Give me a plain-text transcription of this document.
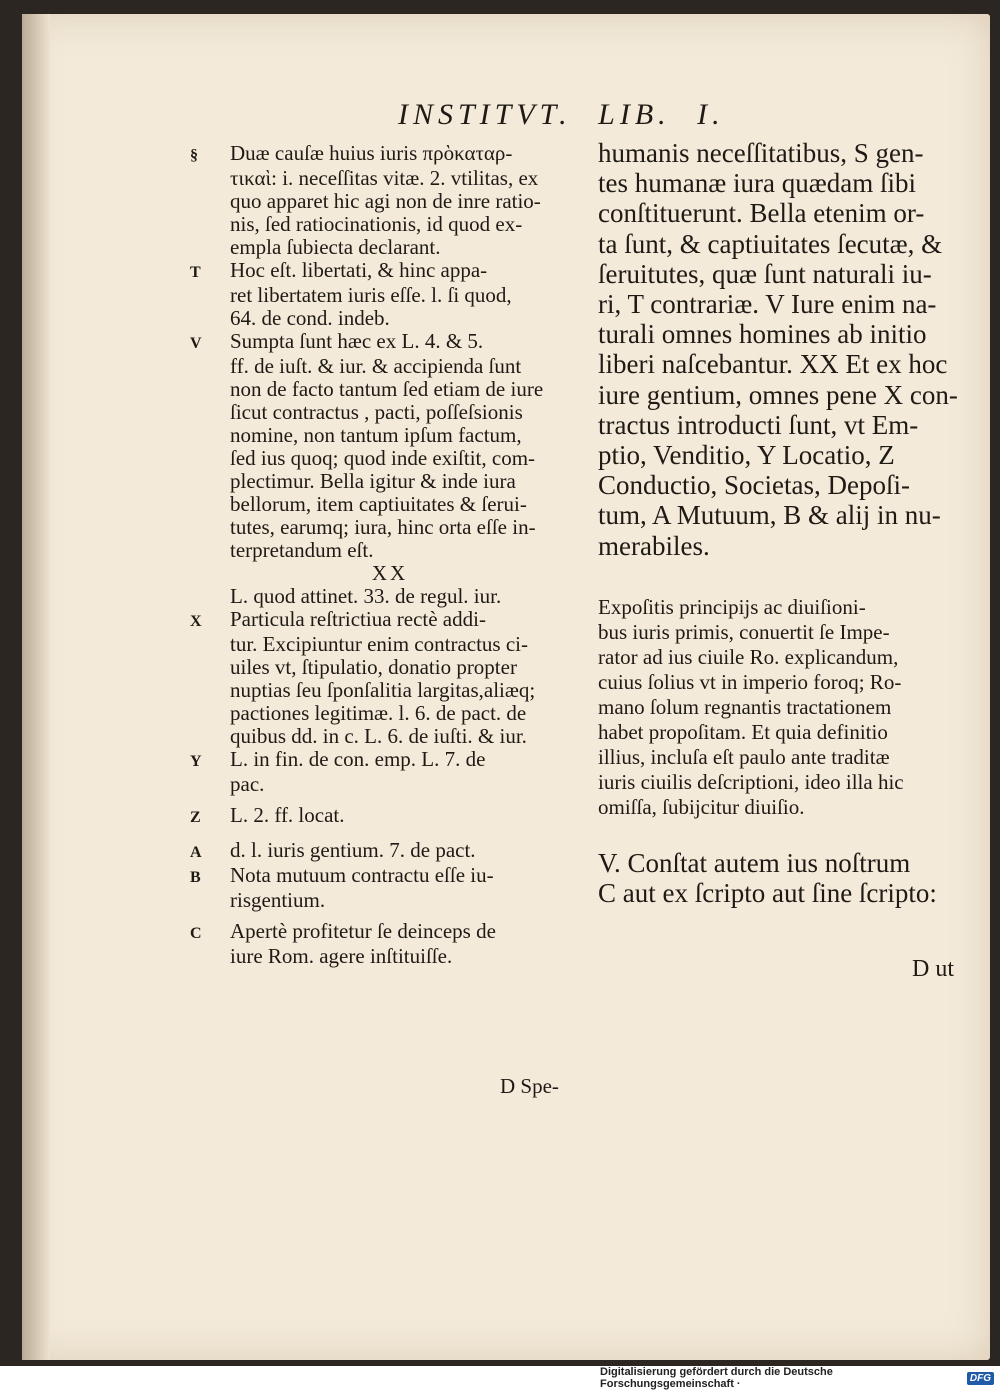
INSTITVT. LIB. I.
§ Duæ cauſæ huius iuris πρὸκαταρ-
τικαὶ: i. neceſſitas vitæ. 2. vtilitas, ex
quo apparet hic agi non de inre ratio-
nis, ſed ratiocinationis, id quod ex-
empla ſubiecta declarant.
T Hoc eſt. libertati, & hinc appa-
ret libertatem iuris eſſe. l. ſi quod,
64. de cond. indeb.
V Sumpta ſunt hæc ex L. 4. & 5.
ff. de iuſt. & iur. & accipienda ſunt
non de facto tantum ſed etiam de iure
ſicut contractus , pacti, poſſeſsionis
nomine, non tantum ipſum factum,
ſed ius quoq; quod inde exiſtit, com-
plectimur. Bella igitur & inde iura
bellorum, item captiuitates & ſerui-
tutes, earumq; iura, hinc orta eſſe in-
terpretandum eſt.
XX
L. quod attinet. 33. de regul. iur.
X Particula reſtrictiua rectè addi-
tur. Excipiuntur enim contractus ci-
uiles vt, ſtipulatio, donatio propter
nuptias ſeu ſponſalitia largitas,aliæq;
pactiones legitimæ. l. 6. de pact. de
quibus dd. in c. L. 6. de iuſti. & iur.
Y L. in fin. de con. emp. L. 7. de
pac.
Z L. 2. ff. locat.
A d. l. iuris gentium. 7. de pact.
B Nota mutuum contractu eſſe iu-
risgentium.
C Apertè profitetur ſe deinceps de
iure Rom. agere inſtituiſſe.
humanis neceſſitatibus, S gen-
tes humanæ iura quædam ſibi
conſtituerunt. Bella etenim or-
ta ſunt, & captiuitates ſecutæ, &
ſeruitutes, quæ ſunt naturali iu-
ri, T contrariæ. V Iure enim na-
turali omnes homines ab initio
liberi naſcebantur. XX Et ex hoc
iure gentium, omnes pene X con-
tractus introducti ſunt, vt Em-
ptio, Venditio, Y Locatio, Z
Conductio, Societas, Depoſi-
tum, A Mutuum, B & alij in nu-
merabiles.
Expoſitis principijs ac diuiſioni-
bus iuris primis, conuertit ſe Impe-
rator ad ius ciuile Ro. explicandum,
cuius ſolius vt in imperio foroq; Ro-
mano ſolum regnantis tractationem
habet propoſitam. Et quia definitio
illius, incluſa eſt paulo ante traditæ
iuris ciuilis deſcriptioni, ideo illa hic
omiſſa, ſubijcitur diuiſio.
V. Conſtat autem ius noſtrum
C aut ex ſcripto aut ſine ſcripto:
D Spe-
D ut
Digitalisierung gefördert durch die Deutsche Forschungsgemeinschaft ·	DFG
